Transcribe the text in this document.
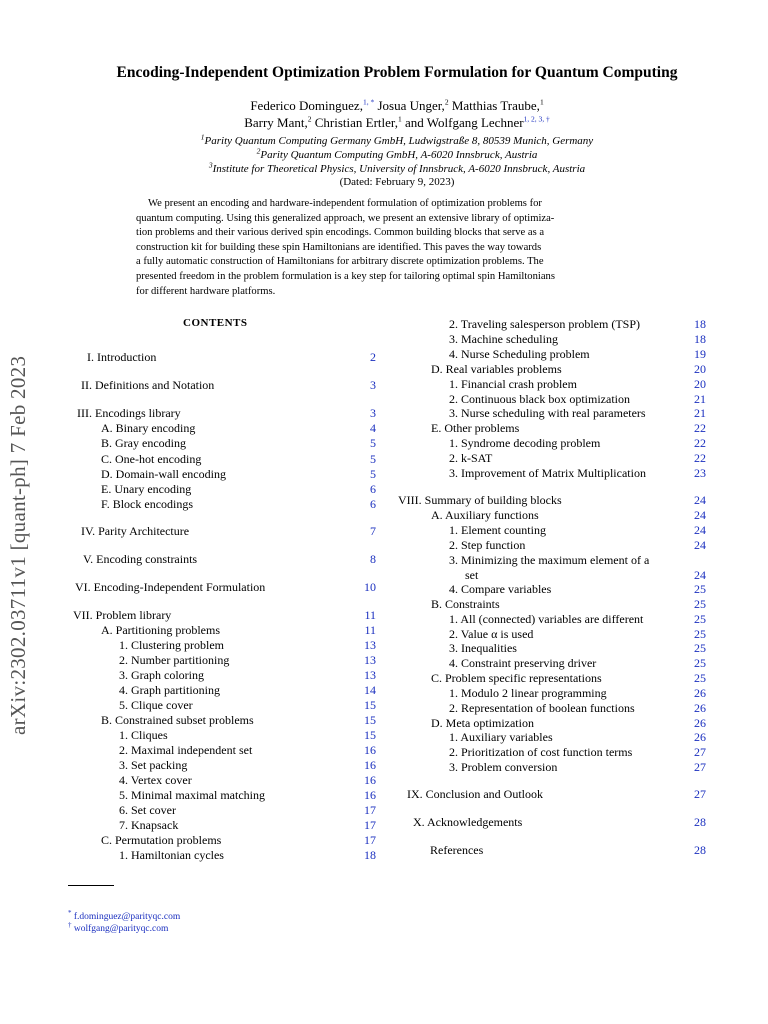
arXiv:2302.03711v1 [quant-ph] 7 Feb 2023
Encoding-Independent Optimization Problem Formulation for Quantum Computing
Federico Dominguez,$^{1, *}$ Josua Unger,$^2$ Matthias Traube,$^1$
Barry Mant,$^2$ Christian Ertler,$^1$ and Wolfgang Lechner$^{1, 2, 3, \dagger}$
$^1$Parity Quantum Computing Germany GmbH, Ludwigstraße 8, 80539 Munich, Germany
$^2$Parity Quantum Computing GmbH, A-6020 Innsbruck, Austria
$^3$Institute for Theoretical Physics, University of Innsbruck, A-6020 Innsbruck, Austria
(Dated: February 9, 2023)
We present an encoding and hardware-independent formulation of optimization problems for
quantum computing. Using this generalized approach, we present an extensive library of optimiza-
tion problems and their various derived spin encodings. Common building blocks that serve as a
construction kit for building these spin Hamiltonians are identified. This paves the way towards
a fully automatic construction of Hamiltonians for arbitrary discrete optimization problems. The
presented freedom in the problem formulation is a key step for tailoring optimal spin Hamiltonians
for different hardware platforms.
CONTENTS
I. Introduction	2
II. Definitions and Notation	3
III. Encodings library	3
A. Binary encoding	4
B. Gray encoding	5
C. One-hot encoding	5
D. Domain-wall encoding	5
E. Unary encoding	6
F. Block encodings	6
IV. Parity Architecture	7
V. Encoding constraints	8
VI. Encoding-Independent Formulation	10
VII. Problem library	11
A. Partitioning problems	11
1. Clustering problem	13
2. Number partitioning	13
3. Graph coloring	13
4. Graph partitioning	14
5. Clique cover	15
B. Constrained subset problems	15
1. Cliques	15
2. Maximal independent set	16
3. Set packing	16
4. Vertex cover	16
5. Minimal maximal matching	16
6. Set cover	17
7. Knapsack	17
C. Permutation problems	17
1. Hamiltonian cycles	18
2. Traveling salesperson problem (TSP)	18
3. Machine scheduling	18
4. Nurse Scheduling problem	19
D. Real variables problems	20
1. Financial crash problem	20
2. Continuous black box optimization	21
3. Nurse scheduling with real parameters	21
E. Other problems	22
1. Syndrome decoding problem	22
2. k-SAT	22
3. Improvement of Matrix Multiplication	23
VIII. Summary of building blocks	24
A. Auxiliary functions	24
1. Element counting	24
2. Step function	24
3. Minimizing the maximum element of a
set	24
4. Compare variables	25
B. Constraints	25
1. All (connected) variables are different	25
2. Value α is used	25
3. Inequalities	25
4. Constraint preserving driver	25
C. Problem specific representations	25
1. Modulo 2 linear programming	26
2. Representation of boolean functions	26
D. Meta optimization	26
1. Auxiliary variables	26
2. Prioritization of cost function terms	27
3. Problem conversion	27
IX. Conclusion and Outlook	27
X. Acknowledgements	28
References	28
* f.dominguez@parityqc.com
† wolfgang@parityqc.com
